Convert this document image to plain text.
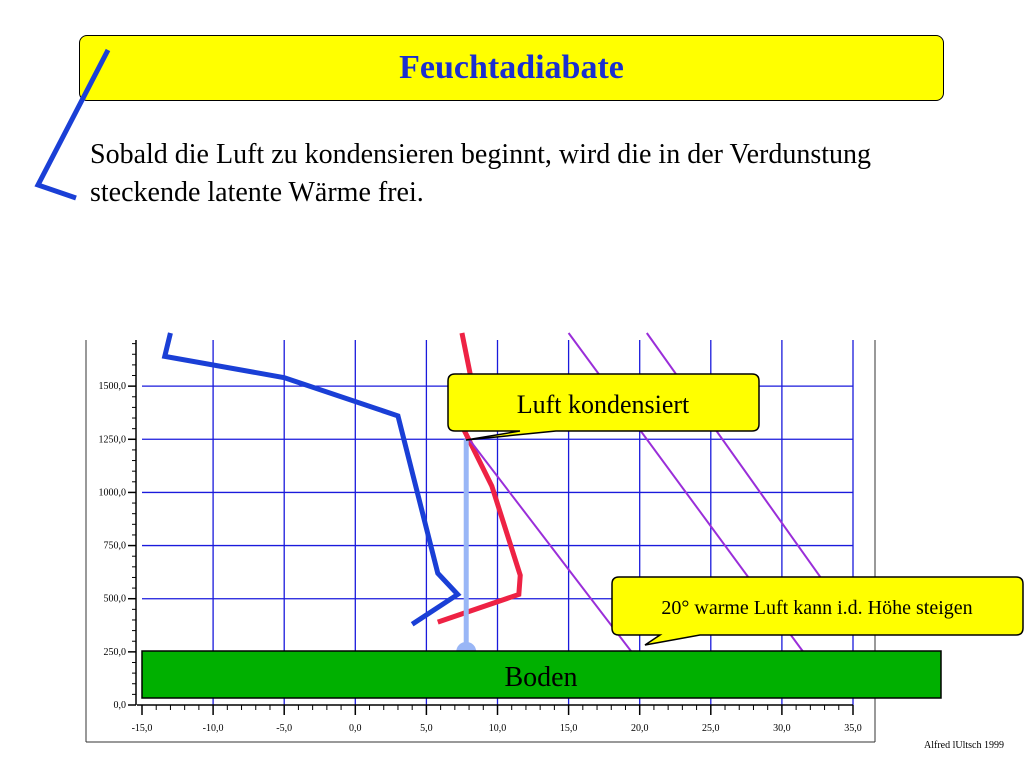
Feuchtadiabate
Sobald die Luft zu kondensieren beginnt, wird die in der Verdunstung steckende latente Wärme frei.
-15,0	-10,0	-5,0	0,0	5,0	10,0	15,0	20,0	25,0	30,0	35,0
0,0
250,0
500,0
750,0
1000,0
1250,0
1500,0
Boden
Luft kondensiert
20° warme Luft kann i.d. Höhe steigen
Alfred lUltsch 1999
